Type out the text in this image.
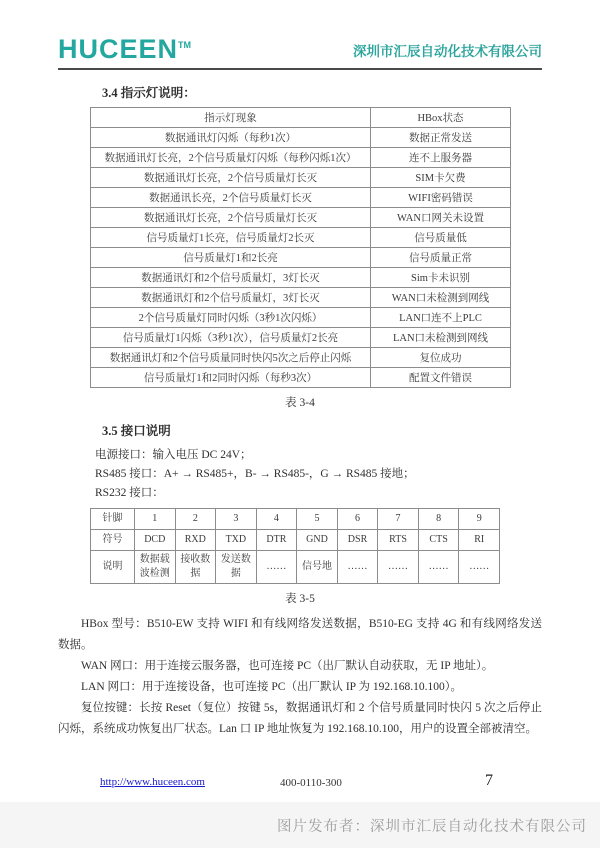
HUCEEN™	深圳市汇辰自动化技术有限公司
3.4 指示灯说明：
指示灯现象	HBox状态
数据通讯灯闪烁（每秒1次）	数据正常发送
数据通讯灯长亮，2个信号质量灯闪烁（每秒闪烁1次）	连不上服务器
数据通讯灯长亮，2个信号质量灯长灭	SIM卡欠费
数据通讯长亮，2个信号质量灯长灭	WIFI密码错误
数据通讯灯长亮，2个信号质量灯长灭	WAN口网关未设置
信号质量灯1长亮，信号质量灯2长灭	信号质量低
信号质量灯1和2长亮	信号质量正常
数据通讯灯和2个信号质量灯，3灯长灭	Sim卡未识别
数据通讯灯和2个信号质量灯，3灯长灭	WAN口未检测到网线
2个信号质量灯同时闪烁（3秒1次闪烁）	LAN口连不上PLC
信号质量灯1闪烁（3秒1次），信号质量灯2长亮	LAN口未检测到网线
数据通讯灯和2个信号质量同时快闪5次之后停止闪烁	复位成功
信号质量灯1和2同时闪烁（每秒3次）	配置文件错误
表 3-4
3.5 接口说明
电源接口：输入电压 DC 24V；
RS485 接口：A+ → RS485+，B- → RS485-，G → RS485 接地；
RS232 接口：
针脚	1	2	3	4	5	6	7	8	9
符号	DCD	RXD	TXD	DTR	GND	DSR	RTS	CTS	RI
说明	数据载波检测	接收数据	发送数据	……	信号地	……	……	……	……
表 3-5

HBox 型号：B510-EW 支持 WIFI 和有线网络发送数据，B510-EG 支持 4G 和有线网络发送数据。

WAN 网口：用于连接云服务器，也可连接 PC（出厂默认自动获取，无 IP 地址）。

LAN 网口：用于连接设备，也可连接 PC（出厂默认 IP 为 192.168.10.100）。

复位按键：长按 Reset（复位）按键 5s，数据通讯灯和 2 个信号质量同时快闪 5 次之后停止闪烁，系统成功恢复出厂状态。Lan 口 IP 地址恢复为 192.168.10.100，用户的设置全部被清空。

http://www.huceen.com	400-0110-300	7
图片发布者：深圳市汇辰自动化技术有限公司
